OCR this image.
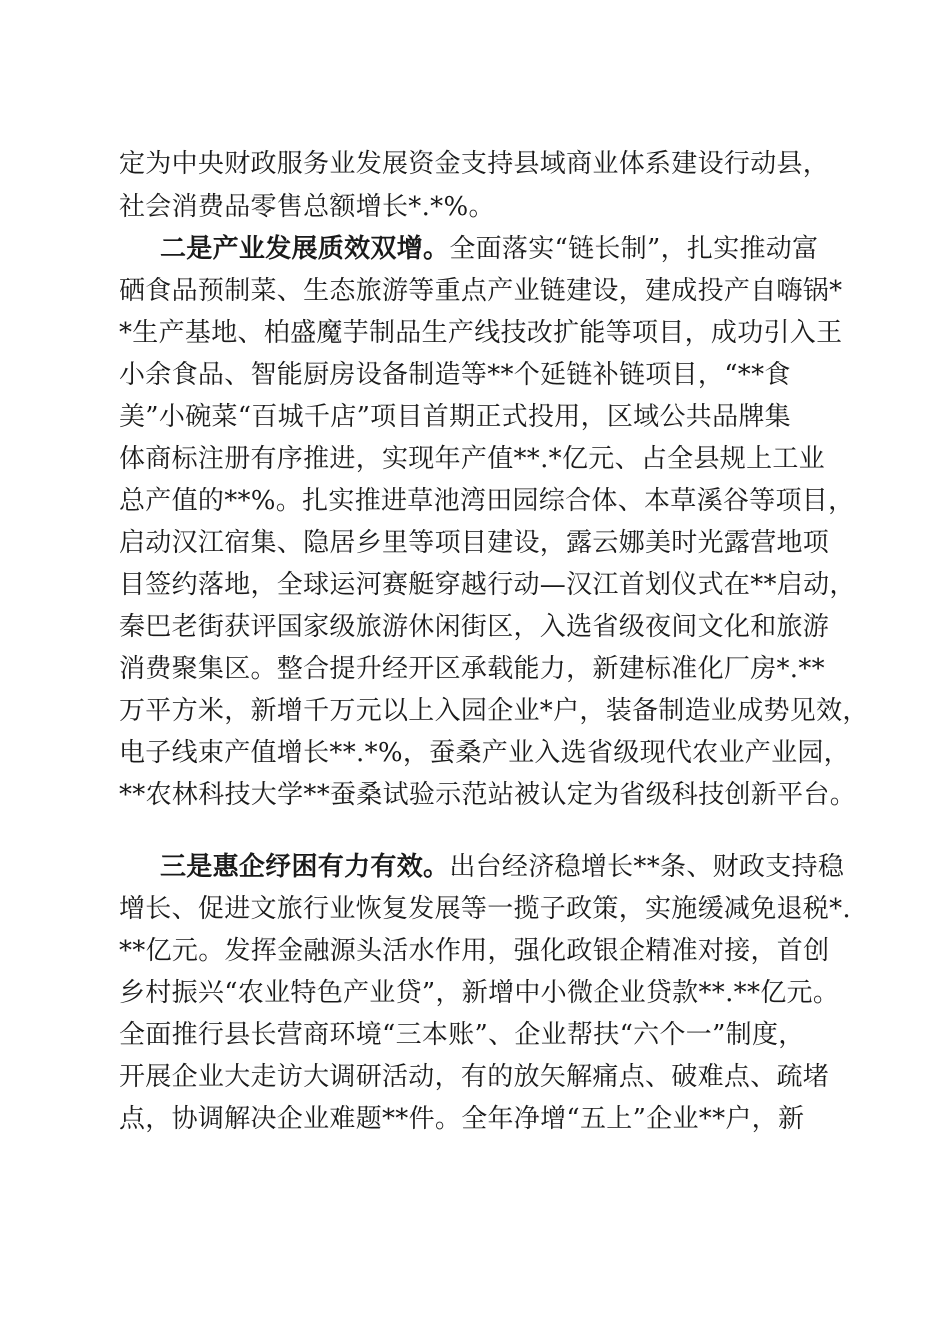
定为中央财政服务业发展资金支持县域商业体系建设行动县，
社会消费品零售总额增长*.*%。
二是产业发展质效双增。全面落实“链长制”，扎实推动富
硒食品预制菜、生态旅游等重点产业链建设，建成投产自嗨锅*
*生产基地、柏盛魔芋制品生产线技改扩能等项目，成功引入王
小余食品、智能厨房设备制造等**个延链补链项目，“**食
美”小碗菜“百城千店”项目首期正式投用，区域公共品牌集
体商标注册有序推进，实现年产值**.*亿元、占全县规上工业
总产值的**%。扎实推进草池湾田园综合体、本草溪谷等项目，
启动汉江宿集、隐居乡里等项目建设，露云娜美时光露营地项
目签约落地，全球运河赛艇穿越行动—汉江首划仪式在**启动，
秦巴老街获评国家级旅游休闲街区，入选省级夜间文化和旅游
消费聚集区。整合提升经开区承载能力，新建标准化厂房*.**
万平方米，新增千万元以上入园企业*户，装备制造业成势见效，
电子线束产值增长**.*%，蚕桑产业入选省级现代农业产业园，
**农林科技大学**蚕桑试验示范站被认定为省级科技创新平台。
三是惠企纾困有力有效。出台经济稳增长**条、财政支持稳
增长、促进文旅行业恢复发展等一揽子政策，实施缓减免退税*.
**亿元。发挥金融源头活水作用，强化政银企精准对接，首创
乡村振兴“农业特色产业贷”，新增中小微企业贷款**.**亿元。
全面推行县长营商环境“三本账”、企业帮扶“六个一”制度，
开展企业大走访大调研活动，有的放矢解痛点、破难点、疏堵
点，协调解决企业难题**件。全年净增“五上”企业**户，新
